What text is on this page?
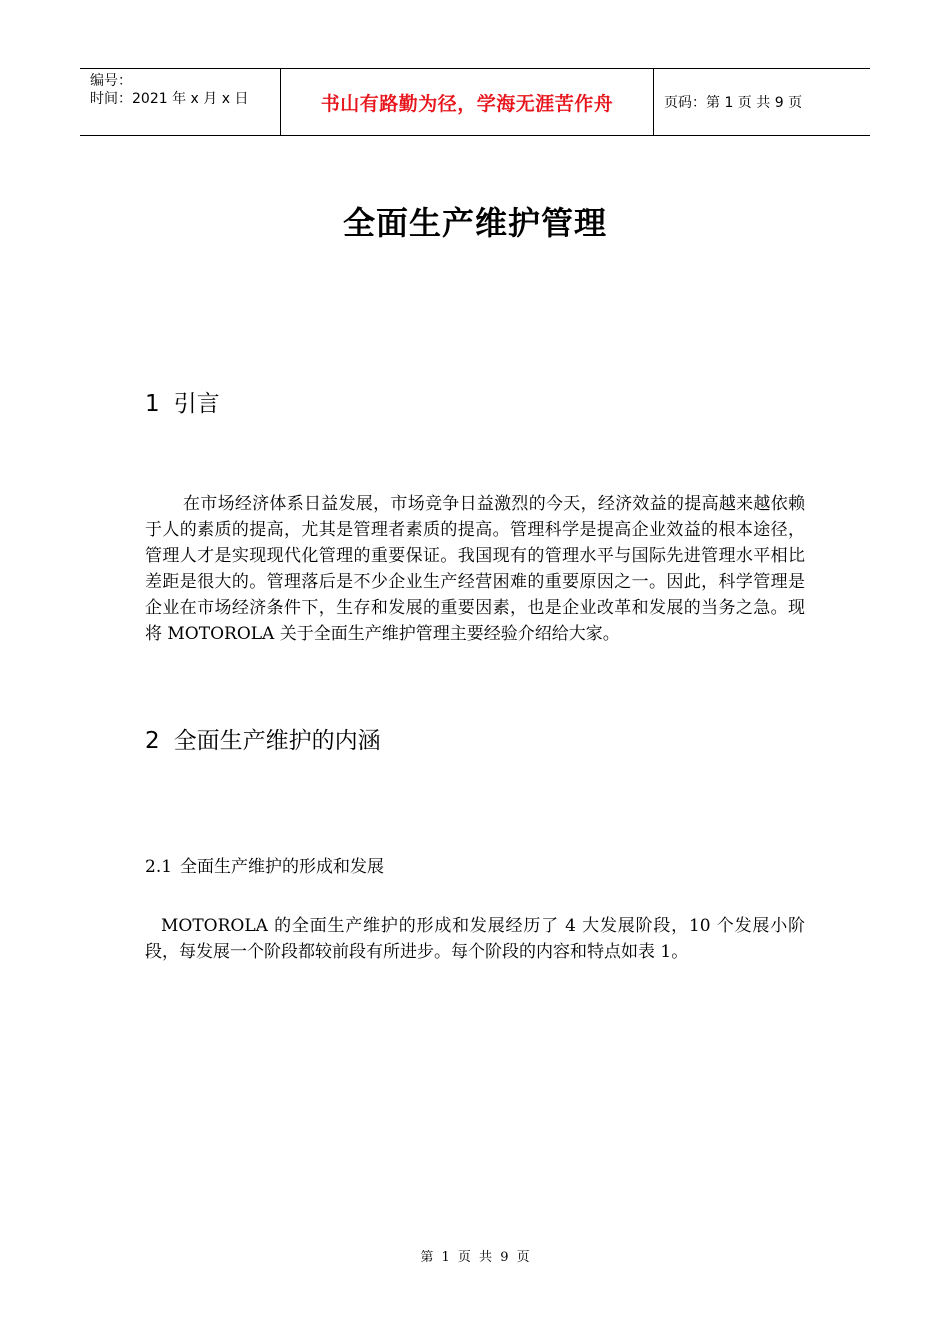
编号：
时间：2021 年 x 月 x 日	书山有路勤为径，学海无涯苦作舟	页码：第 1 页 共 9 页
全面生产维护管理
1 引言
在市场经济体系日益发展，市场竞争日益激烈的今天，经济效益的提高越来越依赖于人的素质的提高，尤其是管理者素质的提高。管理科学是提高企业效益的根本途径，管理人才是实现现代化管理的重要保证。我国现有的管理水平与国际先进管理水平相比差距是很大的。管理落后是不少企业生产经营困难的重要原因之一。因此，科学管理是企业在市场经济条件下，生存和发展的重要因素，也是企业改革和发展的当务之急。现将 MOTOROLA 关于全面生产维护管理主要经验介绍给大家。
2 全面生产维护的内涵
2.1 全面生产维护的形成和发展
MOTOROLA 的全面生产维护的形成和发展经历了 4 大发展阶段，10 个发展小阶段，每发展一个阶段都较前段有所进步。每个阶段的内容和特点如表 1。
第 1 页 共 9 页
